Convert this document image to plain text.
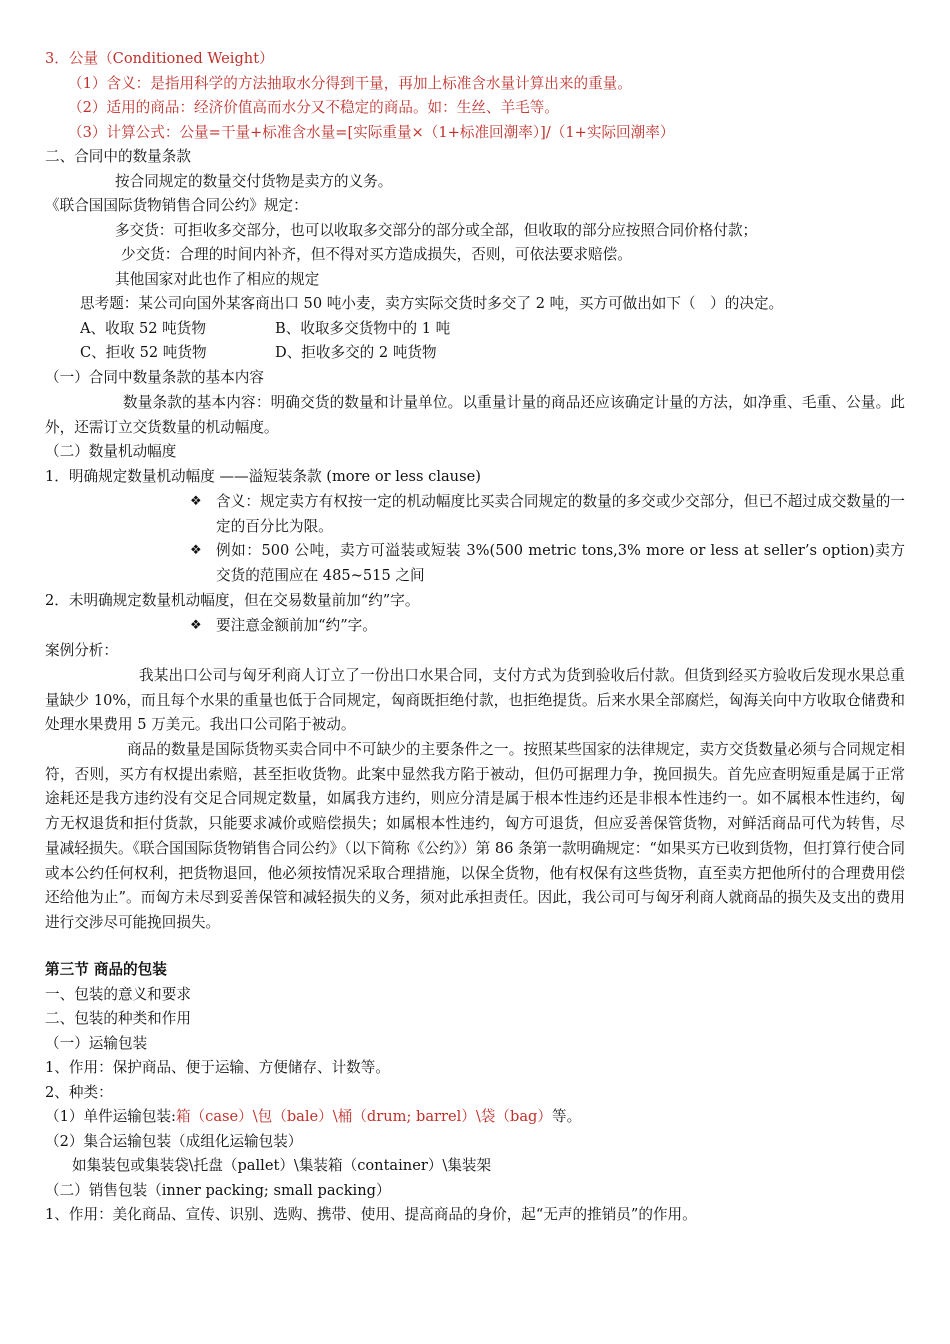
3．公量（Conditioned Weight）
（1）含义：是指用科学的方法抽取水分得到干量，再加上标准含水量计算出来的重量。
（2）适用的商品：经济价值高而水分又不稳定的商品。如：生丝、羊毛等。
（3）计算公式：公量=干量+标准含水量=[实际重量×（1+标准回潮率）]/（1+实际回潮率）
二、合同中的数量条款
按合同规定的数量交付货物是卖方的义务。
《联合国国际货物销售合同公约》规定：
多交货：可拒收多交部分，也可以收取多交部分的部分或全部，但收取的部分应按照合同价格付款；
少交货：合理的时间内补齐，但不得对买方造成损失，否则，可依法要求赔偿。
其他国家对此也作了相应的规定
思考题：某公司向国外某客商出口 50 吨小麦，卖方实际交货时多交了 2 吨，买方可做出如下（　）的决定。
A、收取 52 吨货物	B、收取多交货物中的 1 吨
C、拒收 52 吨货物	D、拒收多交的 2 吨货物
（一）合同中数量条款的基本内容
数量条款的基本内容：明确交货的数量和计量单位。以重量计量的商品还应该确定计量的方法，如净重、毛重、公量。此外，还需订立交货数量的机动幅度。
（二）数量机动幅度
1．明确规定数量机动幅度 ——溢短装条款 (more or less clause)
❖ 含义：规定卖方有权按一定的机动幅度比买卖合同规定的数量的多交或少交部分，但已不超过成交数量的一定的百分比为限。
❖ 例如：500 公吨，卖方可溢装或短装 3%(500 metric tons,3% more or less at seller’s option)卖方交货的范围应在 485~515 之间
2．未明确规定数量机动幅度，但在交易数量前加“约”字。
❖ 要注意金额前加“约”字。
案例分析：
我某出口公司与匈牙利商人订立了一份出口水果合同，支付方式为货到验收后付款。但货到经买方验收后发现水果总重量缺少 10%，而且每个水果的重量也低于合同规定，匈商既拒绝付款，也拒绝提货。后来水果全部腐烂，匈海关向中方收取仓储费和处理水果费用 5 万美元。我出口公司陷于被动。
商品的数量是国际货物买卖合同中不可缺少的主要条件之一。按照某些国家的法律规定，卖方交货数量必须与合同规定相符，否则，买方有权提出索赔，甚至拒收货物。此案中显然我方陷于被动，但仍可据理力争，挽回损失。首先应查明短重是属于正常途耗还是我方违约没有交足合同规定数量，如属我方违约，则应分清是属于根本性违约还是非根本性违约一。如不属根本性违约，匈方无权退货和拒付货款，只能要求减价或赔偿损失；如属根本性违约，匈方可退货，但应妥善保管货物，对鲜活商品可代为转售，尽量减轻损失。《联合国国际货物销售合同公约》（以下简称《公约》）第 86 条第一款明确规定：“如果买方已收到货物，但打算行使合同或本公约任何权利，把货物退回，他必须按情况采取合理措施，以保全货物，他有权保有这些货物，直至卖方把他所付的合理费用偿还给他为止”。而匈方未尽到妥善保管和减轻损失的义务，须对此承担责任。因此，我公司可与匈牙利商人就商品的损失及支出的费用进行交涉尽可能挽回损失。
第三节 商品的包装
一、包装的意义和要求
二、包装的种类和作用
（一）运输包装
1、作用：保护商品、便于运输、方便储存、计数等。
2、种类：
（1）单件运输包装:箱（case）\包（bale）\桶（drum; barrel）\袋（bag）等。
（2）集合运输包装（成组化运输包装）
如集装包或集装袋\托盘（pallet）\集装箱（container）\集装架
（二）销售包装（inner packing; small packing）
1、作用：美化商品、宣传、识别、选购、携带、使用、提高商品的身价，起“无声的推销员”的作用。
